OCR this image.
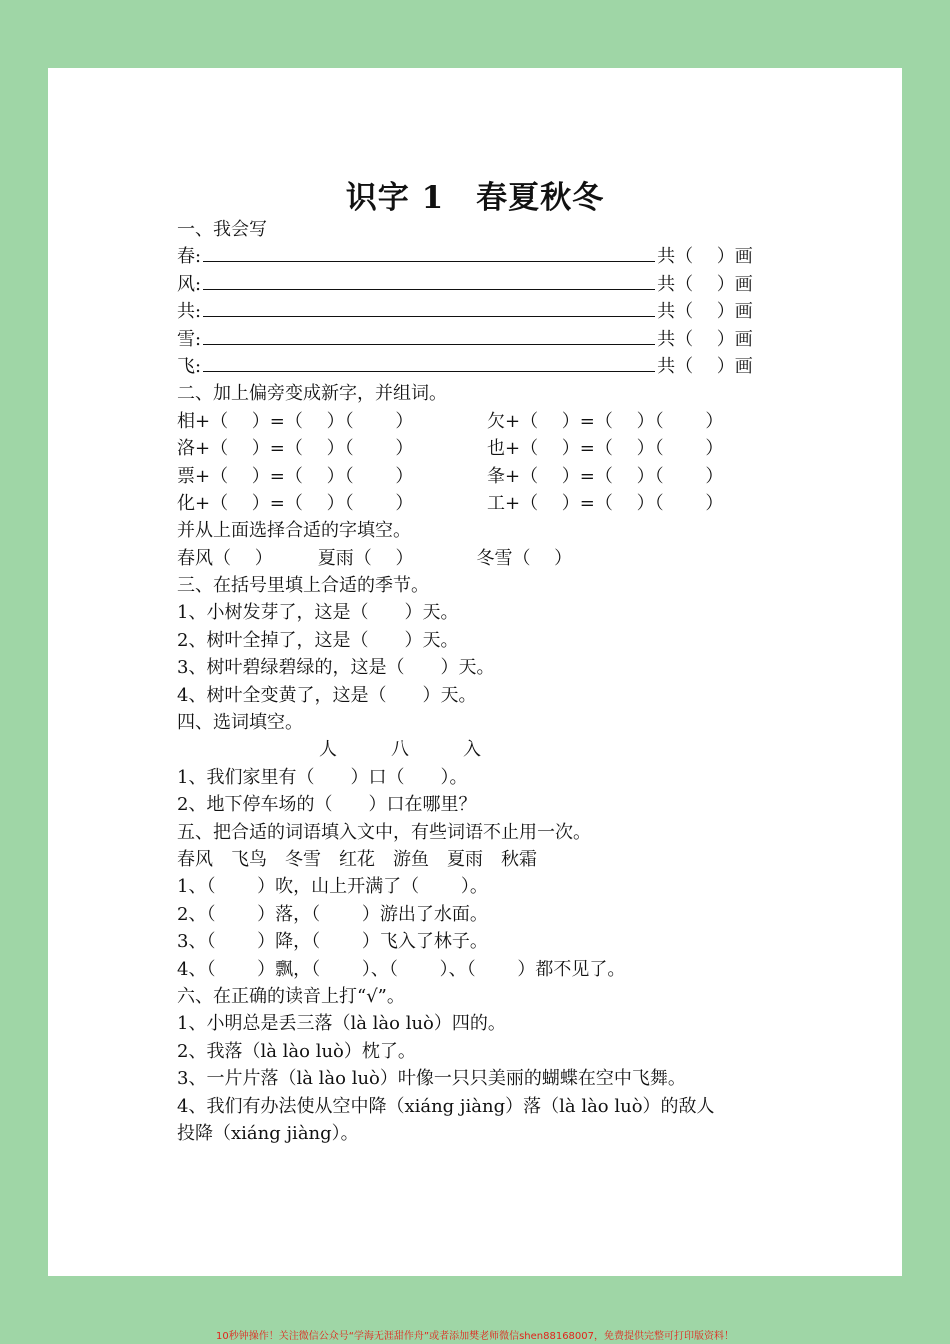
识字 1　春夏秋冬
一、我会写
春:	共（　 ）画
风:	共（　 ）画
共:	共（　 ）画
雪:	共（　 ）画
飞:	共（　 ）画
二、加上偏旁变成新字，并组词。
相+（　 ）=（　 ）（　　 ）	欠+（　 ）=（　 ）（　　 ）
洛+（　 ）=（　 ）（　　 ）	也+（　 ）=（　 ）（　　 ）
票+（　 ）=（　 ）（　　 ）	夆+（　 ）=（　 ）（　　 ）
化+（　 ）=（　 ）（　　 ）	工+（　 ）=（　 ）（　　 ）
并从上面选择合适的字填空。
春风（　 ）　　　夏雨（　 ）　　　　冬雪（　 ）
三、在括号里填上合适的季节。
1、小树发芽了，这是（　　）天。
2、树叶全掉了，这是（　　）天。
3、树叶碧绿碧绿的，这是（　　）天。
4、树叶全变黄了，这是（　　）天。
四、选词填空。
人　　　八　　　入
1、我们家里有（　　）口（　　）。
2、地下停车场的（　　）口在哪里？
五、把合适的词语填入文中，有些词语不止用一次。
春风　飞鸟　冬雪　红花　游鱼　夏雨　秋霜
1、（　　 ）吹，山上开满了（　　 ）。
2、（　　 ）落，（　　 ）游出了水面。
3、（　　 ）降，（　　 ）飞入了林子。
4、（　　 ）飘，（　　 ）、（　　 ）、（　　 ）都不见了。
六、在正确的读音上打“√”。
1、小明总是丢三落（là lào luò）四的。
2、我落（là lào luò）枕了。
3、一片片落（là lào luò）叶像一只只美丽的蝴蝶在空中飞舞。
4、我们有办法使从空中降（xiáng jiàng）落（là lào luò）的敌人
投降（xiáng jiàng）。
10秒钟操作！关注微信公众号“学海无涯甜作舟”或者添加樊老师微信shen88168007，免费提供完整可打印版资料！
